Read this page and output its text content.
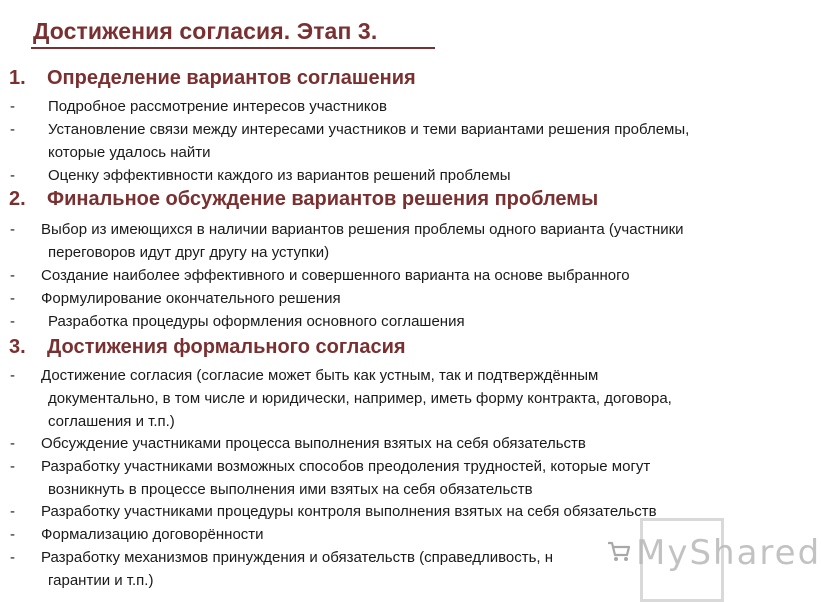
Достижения согласия. Этап 3.
1. Определение вариантов соглашения
-	Подробное рассмотрение интересов участников
-	Установление связи между интересами участников и теми вариантами решения проблемы,
которые удалось найти
-	Оценку эффективности каждого из вариантов решений проблемы
2. Финальное обсуждение вариантов решения проблемы
-	Выбор из имеющихся в наличии вариантов решения проблемы одного варианта (участники
переговоров идут друг другу на уступки)
-	Создание наиболее эффективного и совершенного варианта на основе выбранного
-	Формулирование окончательного решения
-	Разработка процедуры оформления основного соглашения
3. Достижения формального согласия
-	Достижение согласия (согласие может быть как устным, так и подтверждённым
документально, в том числе и юридически, например, иметь форму контракта, договора,
соглашения и т.п.)
-	Обсуждение участниками процесса выполнения взятых на себя обязательств
-	Разработку участниками возможных способов преодоления трудностей, которые могут
возникнуть в процессе выполнения ими взятых на себя обязательств
-	Разработку участниками процедуры контроля выполнения взятых на себя обязательств
-	Формализацию договорённости
-	Разработку механизмов принуждения и обязательств (справедливость, н
гарантии и т.п.)
MyShared
